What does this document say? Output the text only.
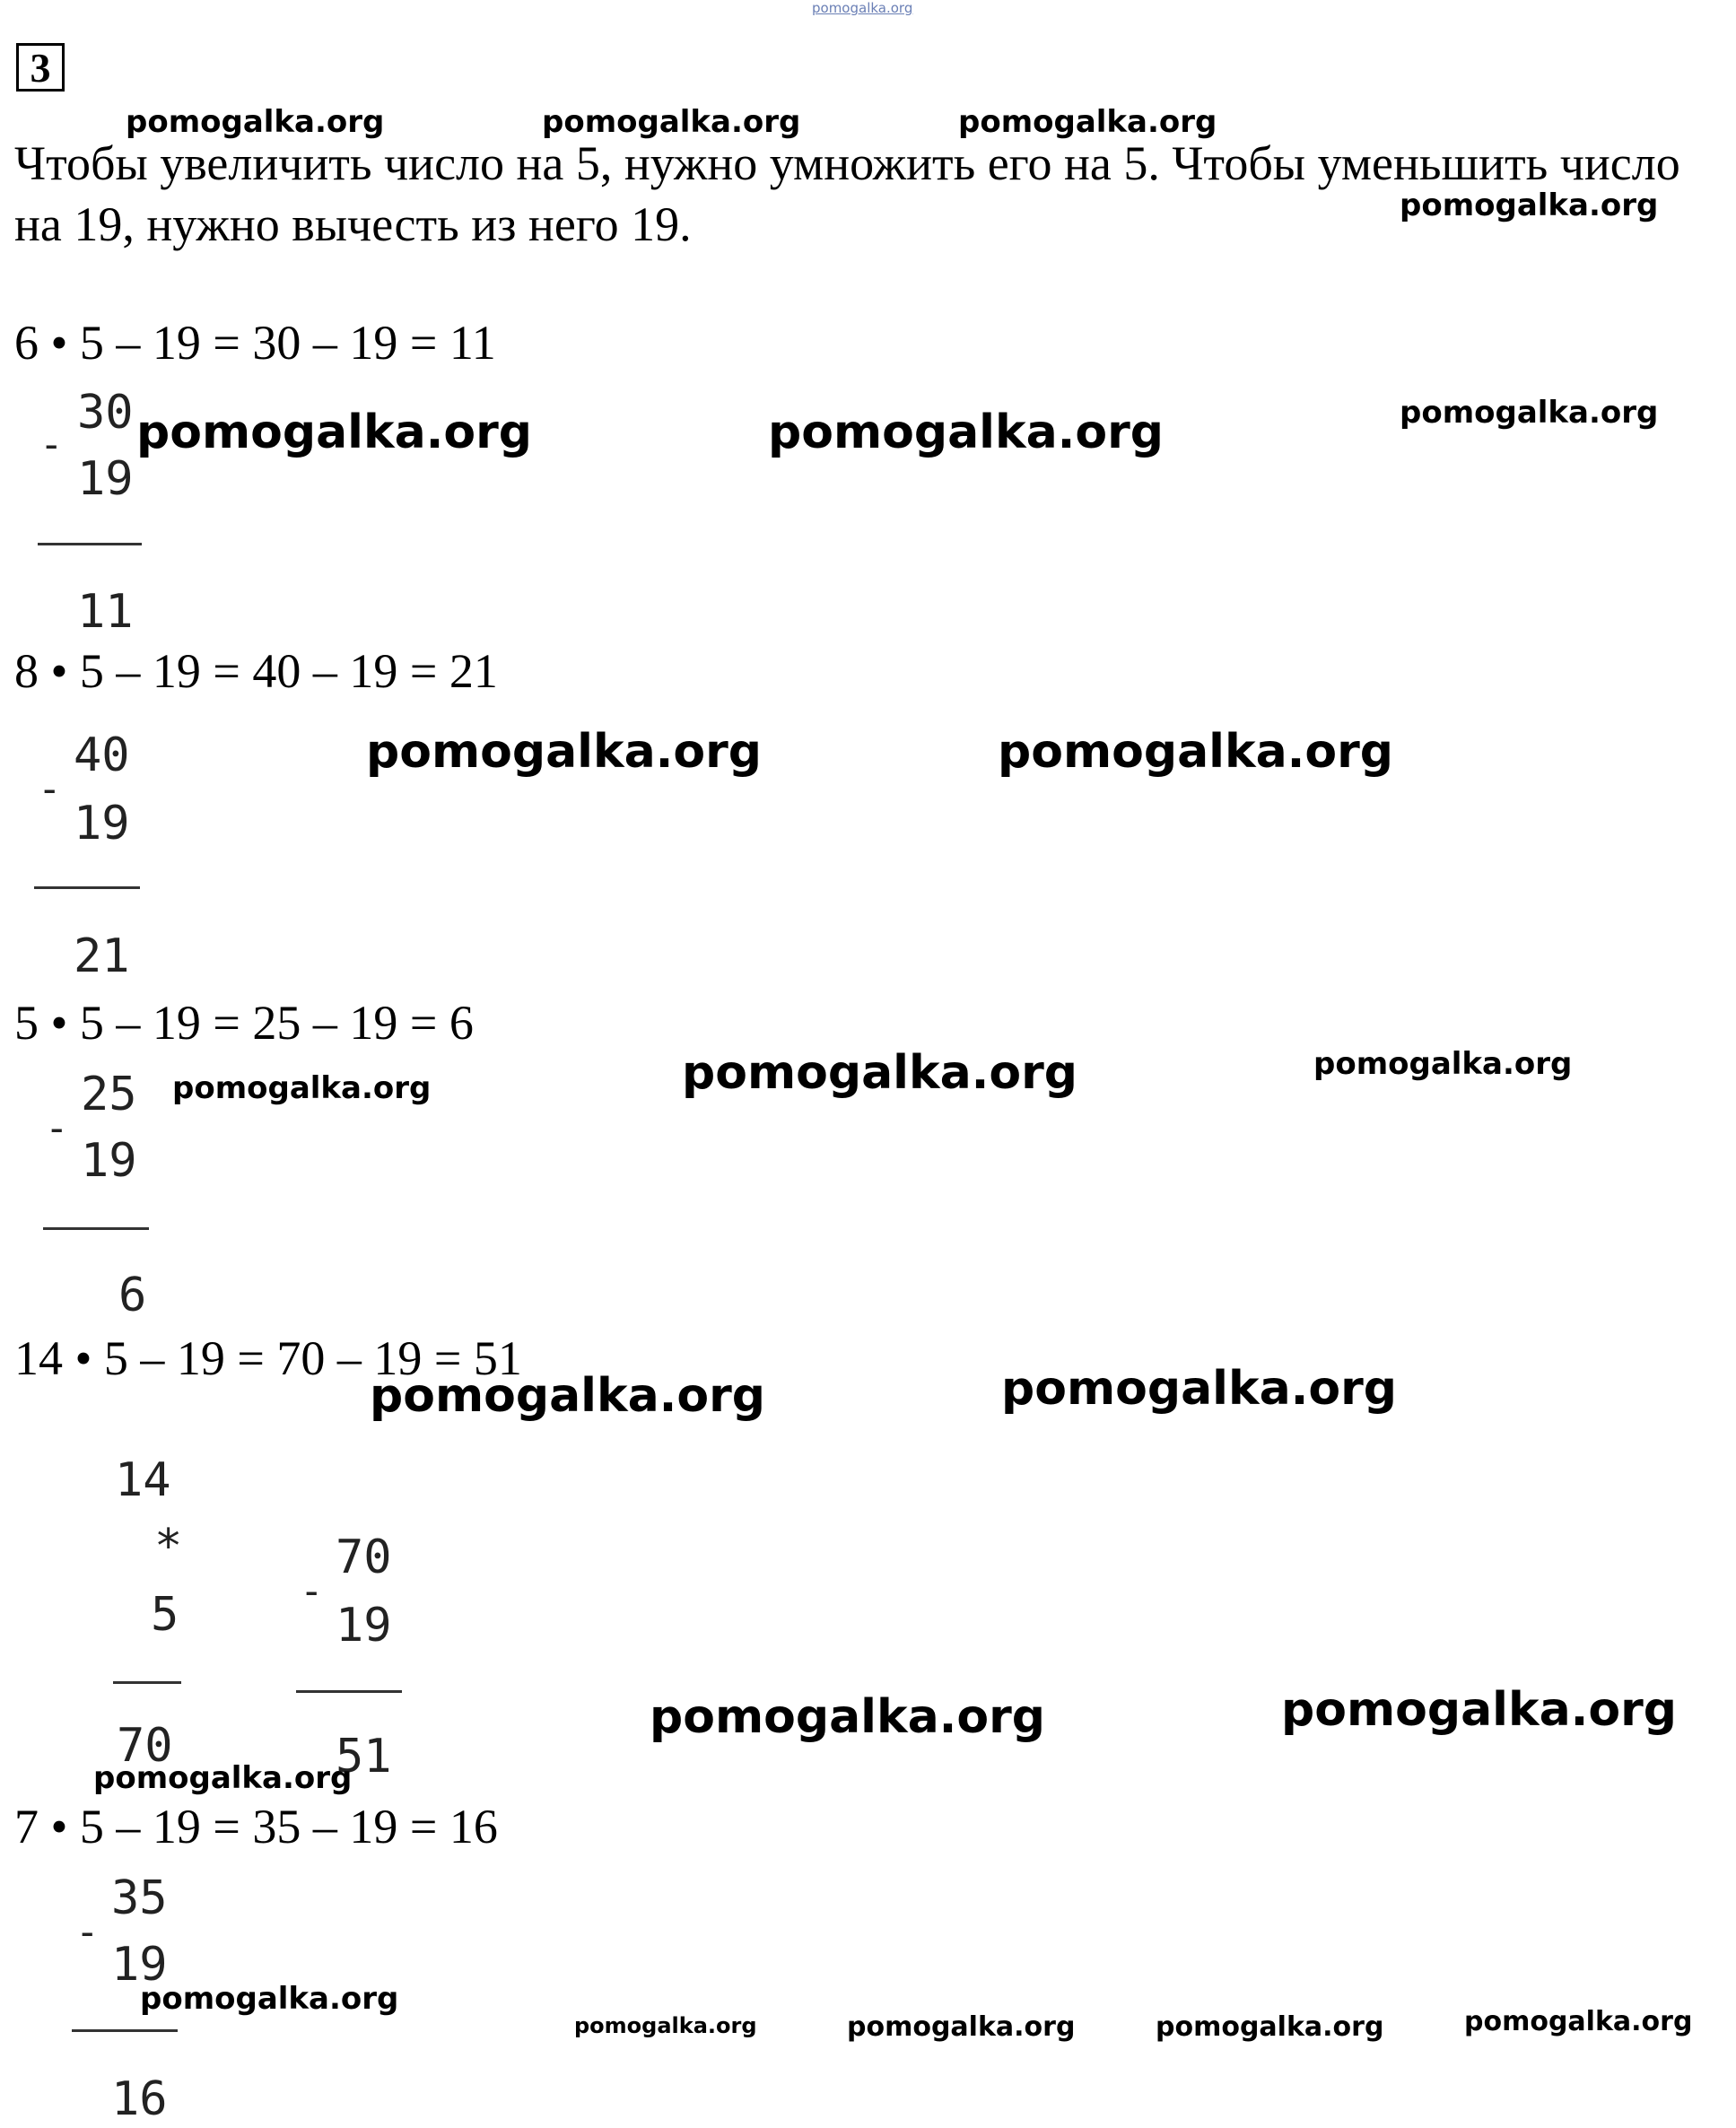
pomogalka.org
3
Чтобы увеличить число на 5, нужно умножить его на 5. Чтобы уменьшить число на 19, нужно вычесть из него 19.
pomogalka.org	pomogalka.org	pomogalka.org
pomogalka.org
6 • 5 – 19 = 30 – 19 = 11
30
-
19
11
pomogalka.org	pomogalka.org	pomogalka.org
8 • 5 – 19 = 40 – 19 = 21
40
-
19
21
pomogalka.org	pomogalka.org
5 • 5 – 19 = 25 – 19 = 6
25
-
19
6
pomogalka.org	pomogalka.org	pomogalka.org
14 • 5 – 19 = 70 – 19 = 51
14
*
5
70
70
-
19
51
pomogalka.org	pomogalka.org
pomogalka.org	pomogalka.org
pomogalka.org
7 • 5 – 19 = 35 – 19 = 16
35
-
19
16
pomogalka.org
pomogalka.org	pomogalka.org	pomogalka.org	pomogalka.org
